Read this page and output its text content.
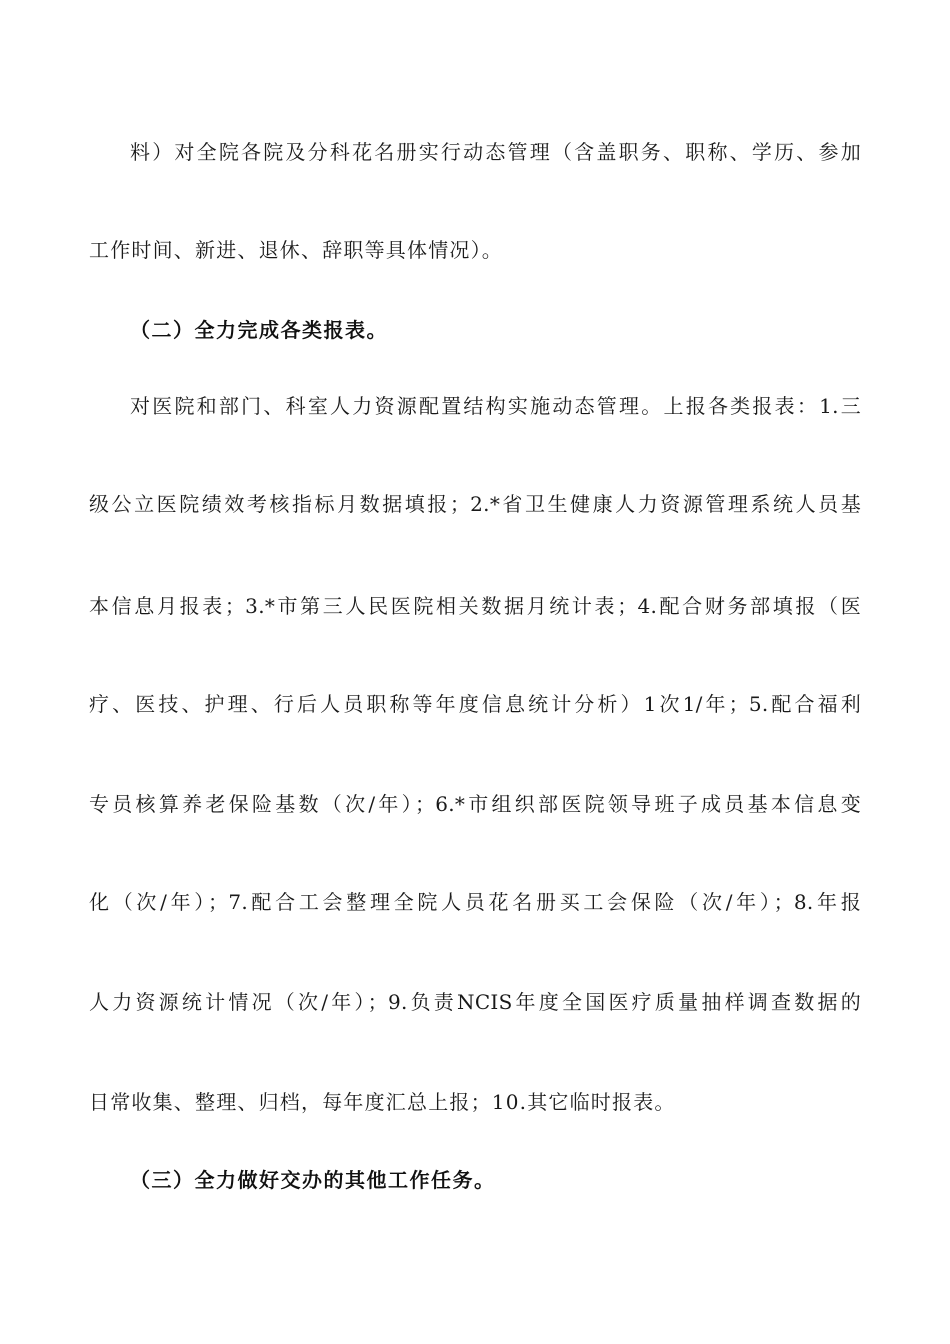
料）对全院各院及分科花名册实行动态管理（含盖职务、职称、学历、参加
工作时间、新进、退休、辞职等具体情况）。
（二）全力完成各类报表。
对医院和部门、科室人力资源配置结构实施动态管理。上报各类报表：1.三
级公立医院绩效考核指标月数据填报；2.*省卫生健康人力资源管理系统人员基
本信息月报表；3.*市第三人民医院相关数据月统计表；4.配合财务部填报（医
疗、医技、护理、行后人员职称等年度信息统计分析）1次1/年；5.配合福利
专员核算养老保险基数（次/年）；6.*市组织部医院领导班子成员基本信息变
化（次/年）；7.配合工会整理全院人员花名册买工会保险（次/年）；8.年报
人力资源统计情况（次/年）；9.负责NCIS年度全国医疗质量抽样调查数据的
日常收集、整理、归档，每年度汇总上报；10.其它临时报表。
（三）全力做好交办的其他工作任务。
